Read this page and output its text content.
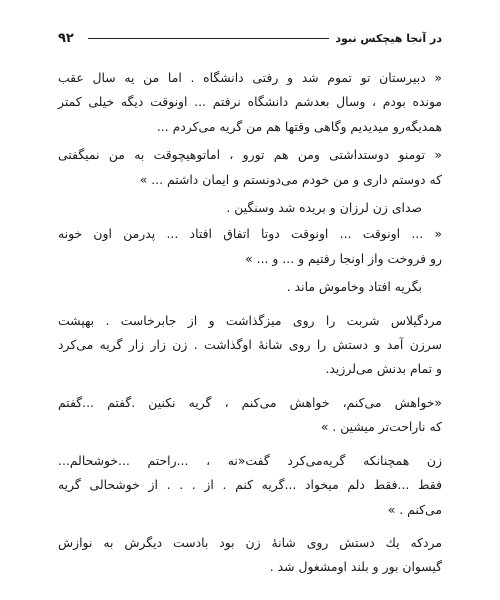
۹۲	در آنجا هیچکس نبود
« دبیرستان تو تموم شد و رفتی دانشگاه . اما من یه سال عقب
مونده بودم ، وسال بعدشم دانشگاه نرفتم ... اونوقت دیگه خیلی کمتر
همدیگه‌رو میدیدیم وگاهی وقتها هم من گریه می‌کردم ...
« تومنو دوستداشتی ومن هم تورو ، اماتوهیچوقت به من نمیگفتی
که دوستم داری و من خودم می‌دونستم و ایمان داشتم ... »
صدای زن لرزان و بریده شد وسنگین .
« ... اونوقت ... اونوقت دوتا اتفاق افتاد ... پدرمن اون خونه
رو فروخت واز اونجا رفتیم و ... و ... »
بگریه افتاد وخاموش ماند .
مردگیلاس شربت را روی میزگذاشت و از جابرخاست . بهپشت
سرزن آمد و دستش را روی شانهٔ اوگذاشت . زن زار زار گریه می‌کرد
و تمام بدنش می‌لرزید.
«خواهش می‌کنم، خواهش می‌کنم ، گریه نکنین .گفتم ...گفتم
که ناراحت‌تر میشین . »
زن همچنانکه گریه‌می‌کرد گفت«نه ، ...راحتم ...خوشحالم...
فقط ...فقط دلم میخواد ...گریه کنم . از . . . از خوشحالی گریه
می‌کنم . »
مردکه یك دستش روی شانهٔ زن بود بادست دیگرش به نوازش
گیسوان بور و بلند اومشغول شد .
